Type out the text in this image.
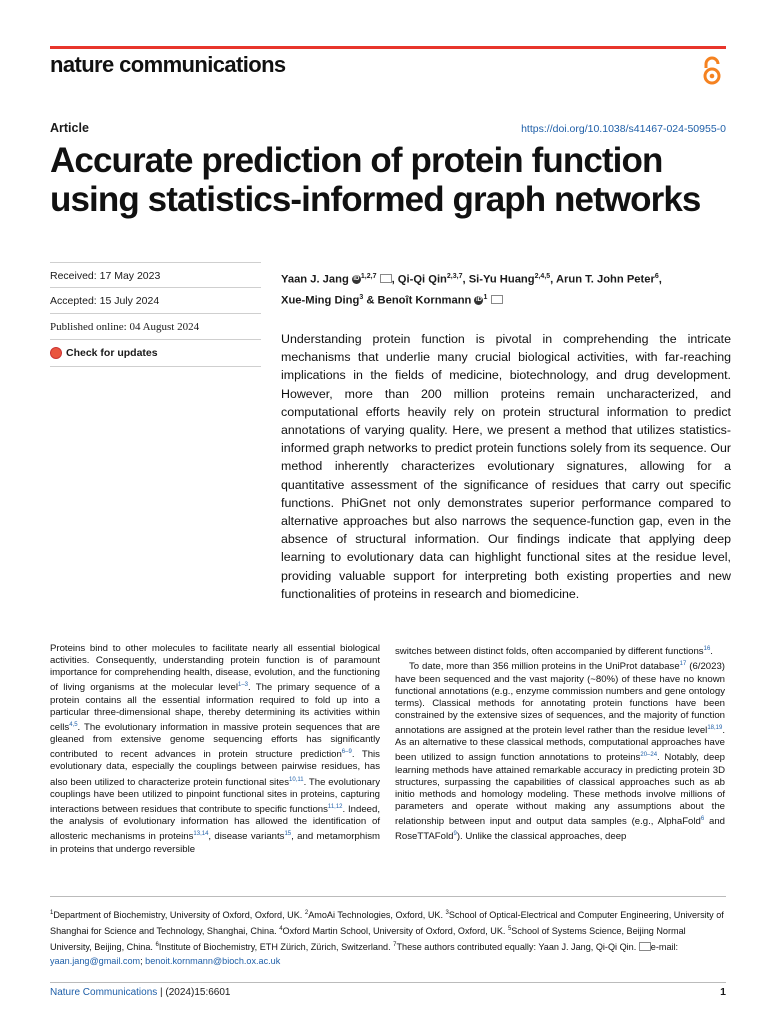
nature communications
Article	https://doi.org/10.1038/s41467-024-50955-0
Accurate prediction of protein function using statistics-informed graph networks
Received: 17 May 2023
Accepted: 15 July 2024
Published online: 04 August 2024
Check for updates
Yaan J. Jang iD $^{1,2,7}$ , Qi-Qi Qin$^{2,3,7}$, Si-Yu Huang$^{2,4,5}$, Arun T. John Peter$^6$,
Xue-Ming Ding$^3$ & Benoît Kornmann iD $^1$
Understanding protein function is pivotal in comprehending the intricate mechanisms that underlie many crucial biological activities, with far-reaching implications in the fields of medicine, biotechnology, and drug development. However, more than 200 million proteins remain uncharacterized, and computational efforts heavily rely on protein structural information to predict annotations of varying quality. Here, we present a method that utilizes statistics-informed graph networks to predict protein functions solely from its sequence. Our method inherently characterizes evolutionary signatures, allowing for a quantitative assessment of the significance of residues that carry out specific functions. PhiGnet not only demonstrates superior performance compared to alternative approaches but also narrows the sequence-function gap, even in the absence of structural information. Our findings indicate that applying deep learning to evolutionary data can highlight functional sites at the residue level, providing valuable support for interpreting both existing properties and new functionalities of proteins in research and biomedicine.

Proteins bind to other molecules to facilitate nearly all essential biological activities. Consequently, understanding protein function is of paramount importance for comprehending health, disease, evolution, and the functioning of living organisms at the molecular level$^{1-3}$. The primary sequence of a protein contains all the essential information required to fold up into a particular three-dimensional shape, thereby determining its activities within cells$^{4,5}$. The evolutionary information in massive protein sequences that are gleaned from extensive genome sequencing efforts has significantly contributed to recent advances in protein structure prediction$^{6-9}$. This evolutionary data, especially the couplings between pairwise residues, has also been utilized to characterize protein functional sites$^{10,11}$. The evolutionary couplings have been utilized to pinpoint functional sites in proteins, capturing interactions between residues that contribute to specific functions$^{11,12}$. Indeed, the analysis of evolutionary information has allowed the identification of allosteric mechanisms in proteins$^{13,14}$, disease variants$^{15}$, and metamorphism in proteins that undergo reversible

switches between distinct folds, often accompanied by different functions$^{16}$.

To date, more than 356 million proteins in the UniProt database$^{17}$ (6/2023) have been sequenced and the vast majority (~80%) of these have no known functional annotations (e.g., enzyme commission numbers and gene ontology terms). Classical methods for annotating protein functions have been constrained by the extensive sizes of sequences, and the majority of function annotations are assigned at the protein level rather than the residue level$^{18,19}$. As an alternative to these classical methods, computational approaches have been utilized to assign function annotations to proteins$^{20-24}$. Notably, deep learning methods have attained remarkable accuracy in predicting protein 3D structures, surpassing the capabilities of classical approaches such as ab initio methods and homology modeling. These methods involve millions of parameters and operate without making any assumptions about the relationship between input and output data samples (e.g., AlphaFold$^6$ and RoseTTAFold$^9$). Unlike the classical approaches, deep

$^1$Department of Biochemistry, University of Oxford, Oxford, UK. $^2$AmoAi Technologies, Oxford, UK. $^3$School of Optical-Electrical and Computer Engineering, University of Shanghai for Science and Technology, Shanghai, China. $^4$Oxford Martin School, University of Oxford, Oxford, UK. $^5$School of Systems Science, Beijing Normal University, Beijing, China. $^6$Institute of Biochemistry, ETH Zürich, Zürich, Switzerland. $^7$These authors contributed equally: Yaan J. Jang, Qi-Qi Qin. e-mail: yaan.jang@gmail.com; benoit.kornmann@bioch.ox.ac.uk
Nature Communications | (2024)15:6601	1
